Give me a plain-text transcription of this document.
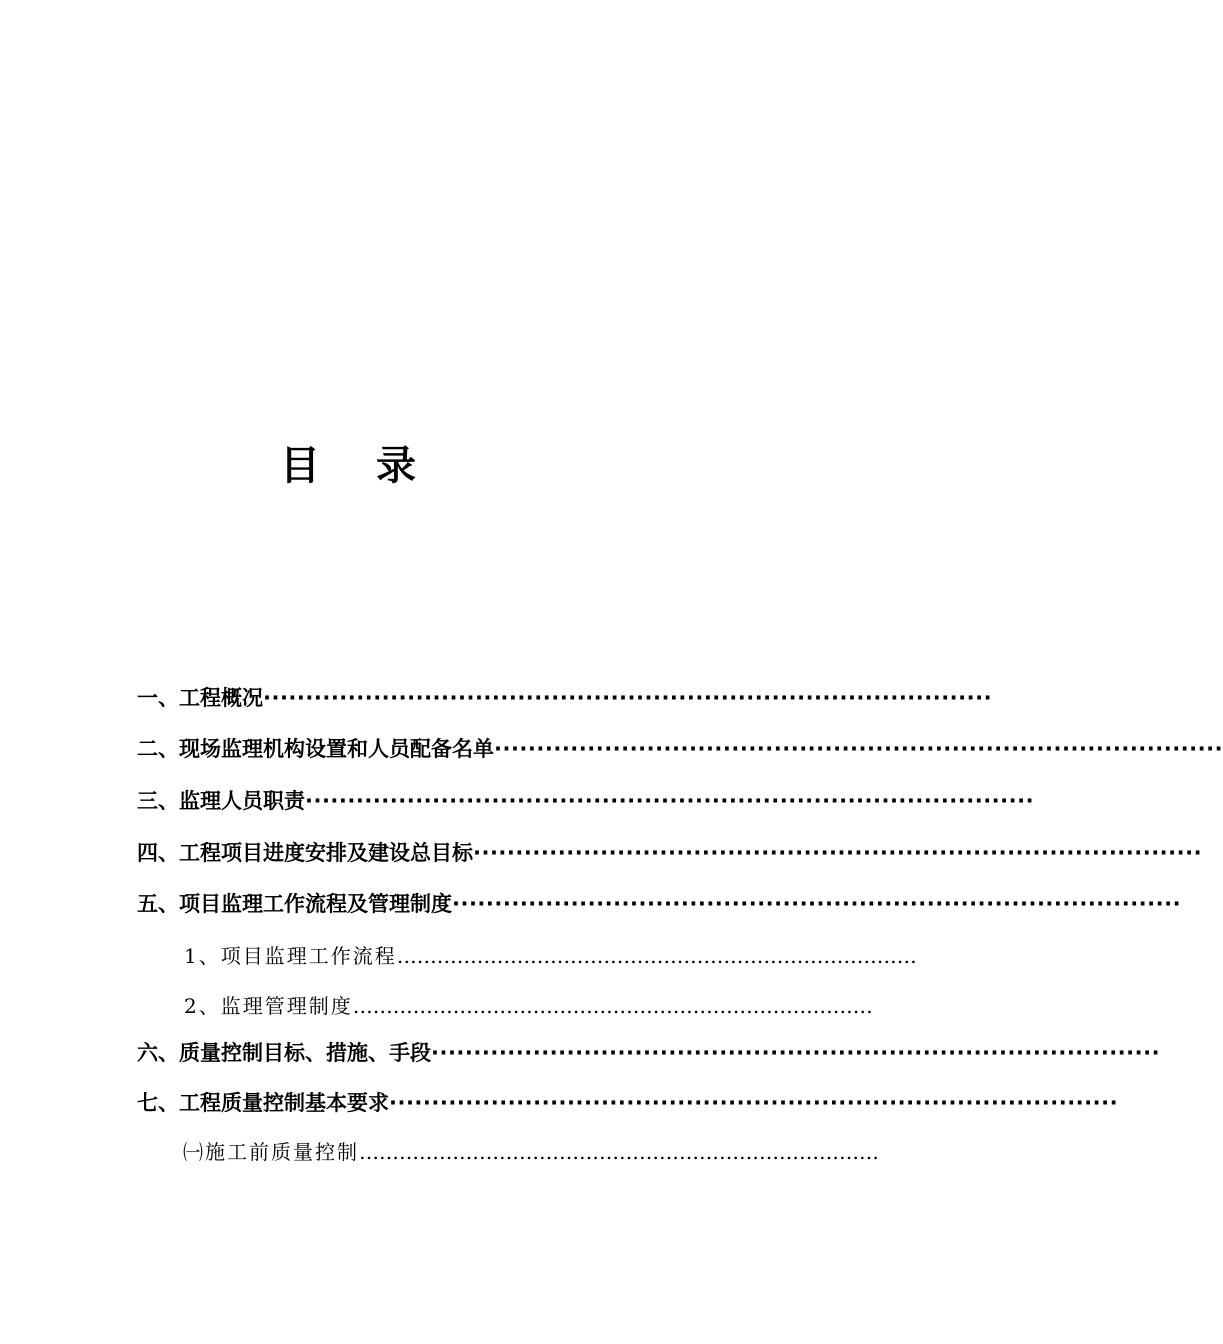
目 录
一、工程概况 ······················································································
二、现场监理机构设置和人员配备名单 ······················································································
三、监理人员职责 ······················································································
四、工程项目进度安排及建设总目标 ······················································································
五、项目监理工作流程及管理制度 ······················································································
1、项目监理工作流程 ……………………………………………………………………
2、监理管理制度 ……………………………………………………………………
六、质量控制目标、措施、手段 ······················································································
七、工程质量控制基本要求 ······················································································
㈠施工前质量控制 ……………………………………………………………………
